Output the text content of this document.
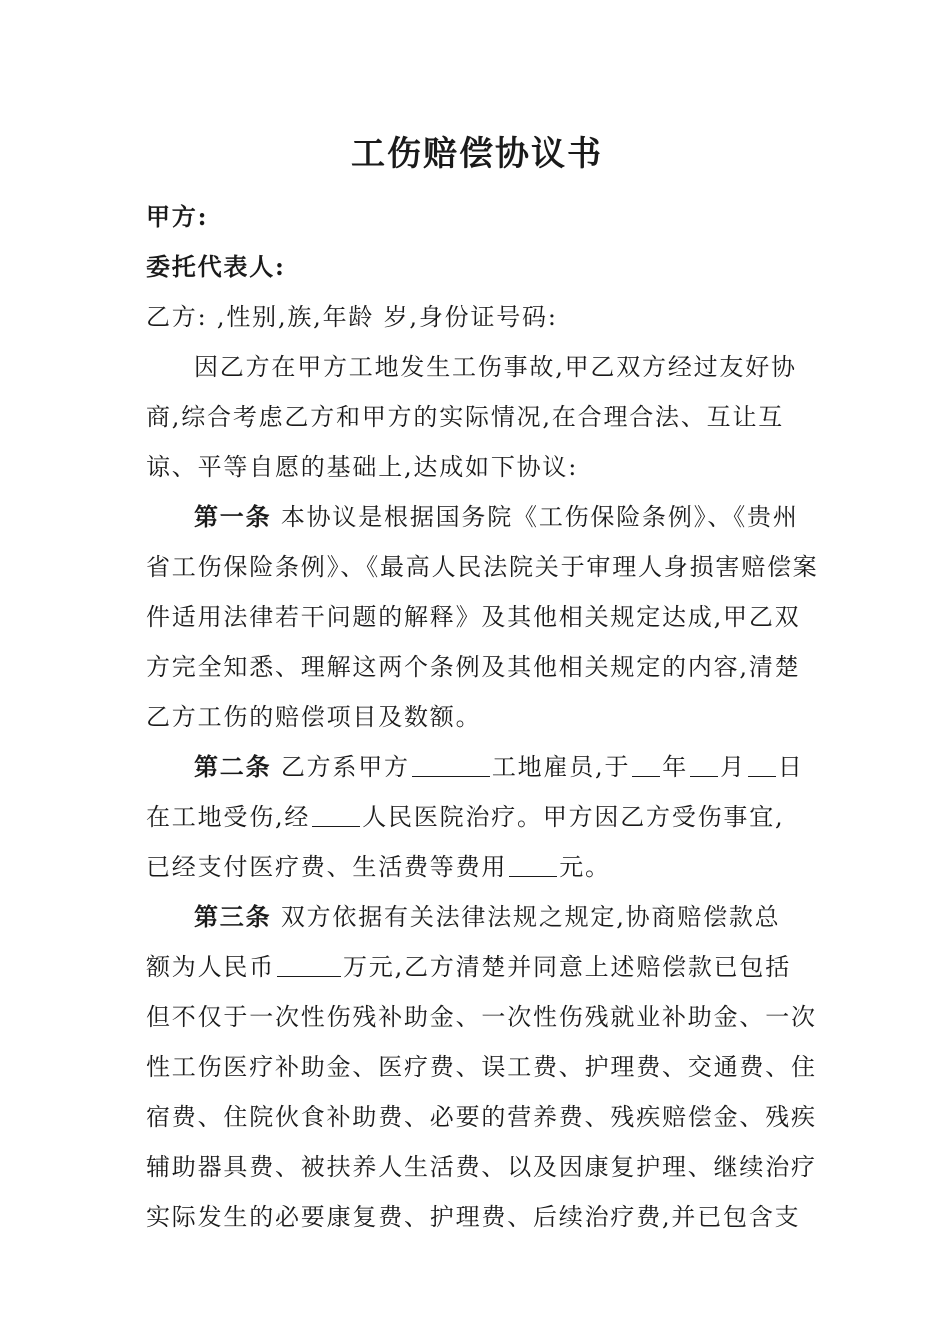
工伤赔偿协议书
甲方:
委托代表人:
乙方: ,性别,族,年龄 岁,身份证号码:
因乙方在甲方工地发生工伤事故,甲乙双方经过友好协
商,综合考虑乙方和甲方的实际情况,在合理合法、互让互
谅、平等自愿的基础上,达成如下协议:
第一条 本协议是根据国务院《工伤保险条例》、《贵州
省工伤保险条例》、《最高人民法院关于审理人身损害赔偿案
件适用法律若干问题的解释》及其他相关规定达成,甲乙双
方完全知悉、理解这两个条例及其他相关规定的内容,清楚
乙方工伤的赔偿项目及数额。
第二条 乙方系甲方	工地雇员,于 年 月 日
在工地受伤,经 人民医院治疗。甲方因乙方受伤事宜,
已经支付医疗费、生活费等费用 元。
第三条 双方依据有关法律法规之规定,协商赔偿款总
额为人民币	万元,乙方清楚并同意上述赔偿款已包括
但不仅于一次性伤残补助金、一次性伤残就业补助金、一次
性工伤医疗补助金、医疗费、误工费、护理费、交通费、住
宿费、住院伙食补助费、必要的营养费、残疾赔偿金、残疾
辅助器具费、被扶养人生活费、以及因康复护理、继续治疗
实际发生的必要康复费、护理费、后续治疗费,并已包含支
